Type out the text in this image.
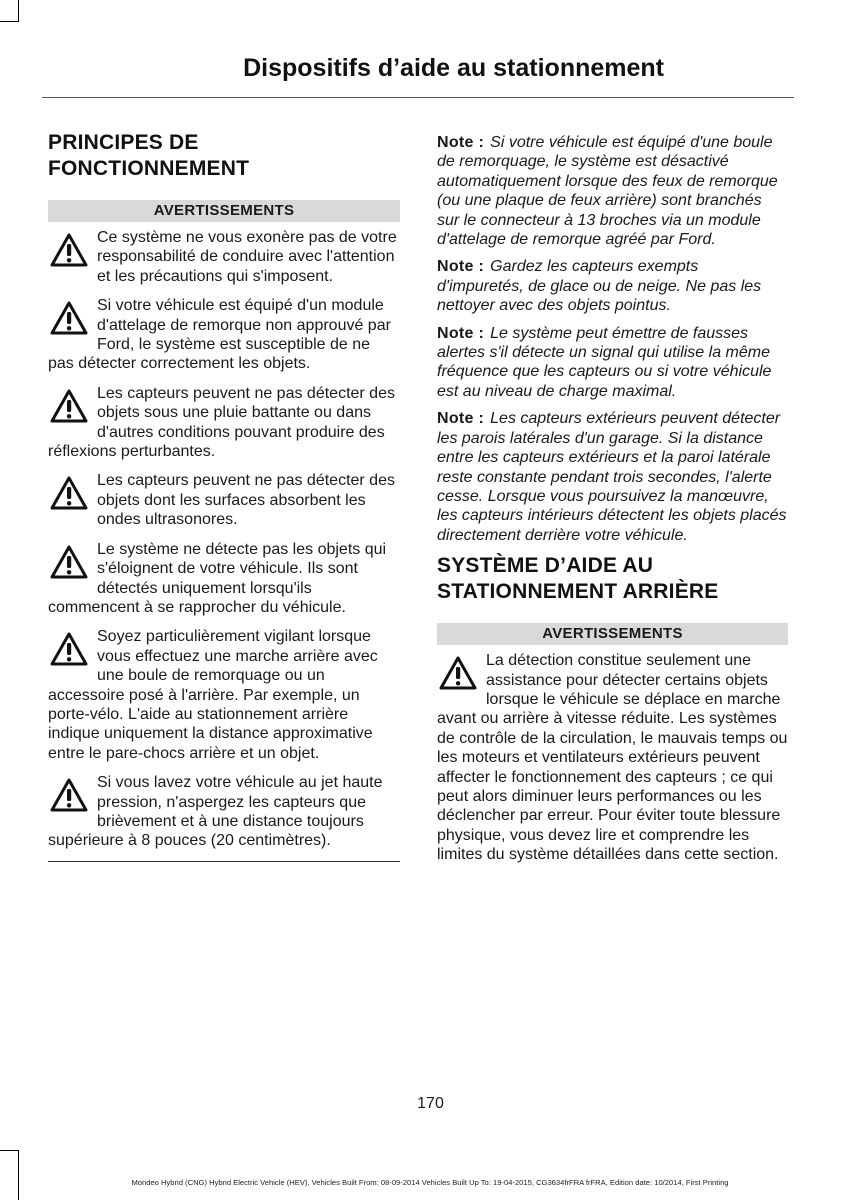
Dispositifs d’aide au stationnement
PRINCIPES DE FONCTIONNEMENT
AVERTISSEMENTS
Ce système ne vous exonère pas de votre responsabilité de conduire avec l'attention et les précautions qui s'imposent.
Si votre véhicule est équipé d'un module d'attelage de remorque non approuvé par Ford, le système est susceptible de ne pas détecter correctement les objets.
Les capteurs peuvent ne pas détecter des objets sous une pluie battante ou dans d'autres conditions pouvant produire des réflexions perturbantes.
Les capteurs peuvent ne pas détecter des objets dont les surfaces absorbent les ondes ultrasonores.
Le système ne détecte pas les objets qui s'éloignent de votre véhicule. Ils sont détectés uniquement lorsqu'ils commencent à se rapprocher du véhicule.
Soyez particulièrement vigilant lorsque vous effectuez une marche arrière avec une boule de remorquage ou un accessoire posé à l'arrière. Par exemple, un porte-vélo. L'aide au stationnement arrière indique uniquement la distance approximative entre le pare-chocs arrière et un objet.
Si vous lavez votre véhicule au jet haute pression, n'aspergez les capteurs que brièvement et à une distance toujours supérieure à 8 pouces (20 centimètres).

Note : Si votre véhicule est équipé d'une boule de remorquage, le système est désactivé automatiquement lorsque des feux de remorque (ou une plaque de feux arrière) sont branchés sur le connecteur à 13 broches via un module d'attelage de remorque agréé par Ford.

Note : Gardez les capteurs exempts d'impuretés, de glace ou de neige. Ne pas les nettoyer avec des objets pointus.

Note : Le système peut émettre de fausses alertes s'il détecte un signal qui utilise la même fréquence que les capteurs ou si votre véhicule est au niveau de charge maximal.

Note : Les capteurs extérieurs peuvent détecter les parois latérales d'un garage. Si la distance entre les capteurs extérieurs et la paroi latérale reste constante pendant trois secondes, l'alerte cesse. Lorsque vous poursuivez la manœuvre, les capteurs intérieurs détectent les objets placés directement derrière votre véhicule.

SYSTÈME D’AIDE AU STATIONNEMENT ARRIÈRE
AVERTISSEMENTS
La détection constitue seulement une assistance pour détecter certains objets lorsque le véhicule se déplace en marche avant ou arrière à vitesse réduite. Les systèmes de contrôle de la circulation, le mauvais temps ou les moteurs et ventilateurs extérieurs peuvent affecter le fonctionnement des capteurs ; ce qui peut alors diminuer leurs performances ou les déclencher par erreur. Pour éviter toute blessure physique, vous devez lire et comprendre les limites du système détaillées dans cette section.
170
Mondeo Hybrid (CNG) Hybrid Electric Vehicle (HEV), Vehicles Built From: 08-09-2014 Vehicles Built Up To: 19-04-2015, CG3634frFRA frFRA, Edition date: 10/2014, First Printing
